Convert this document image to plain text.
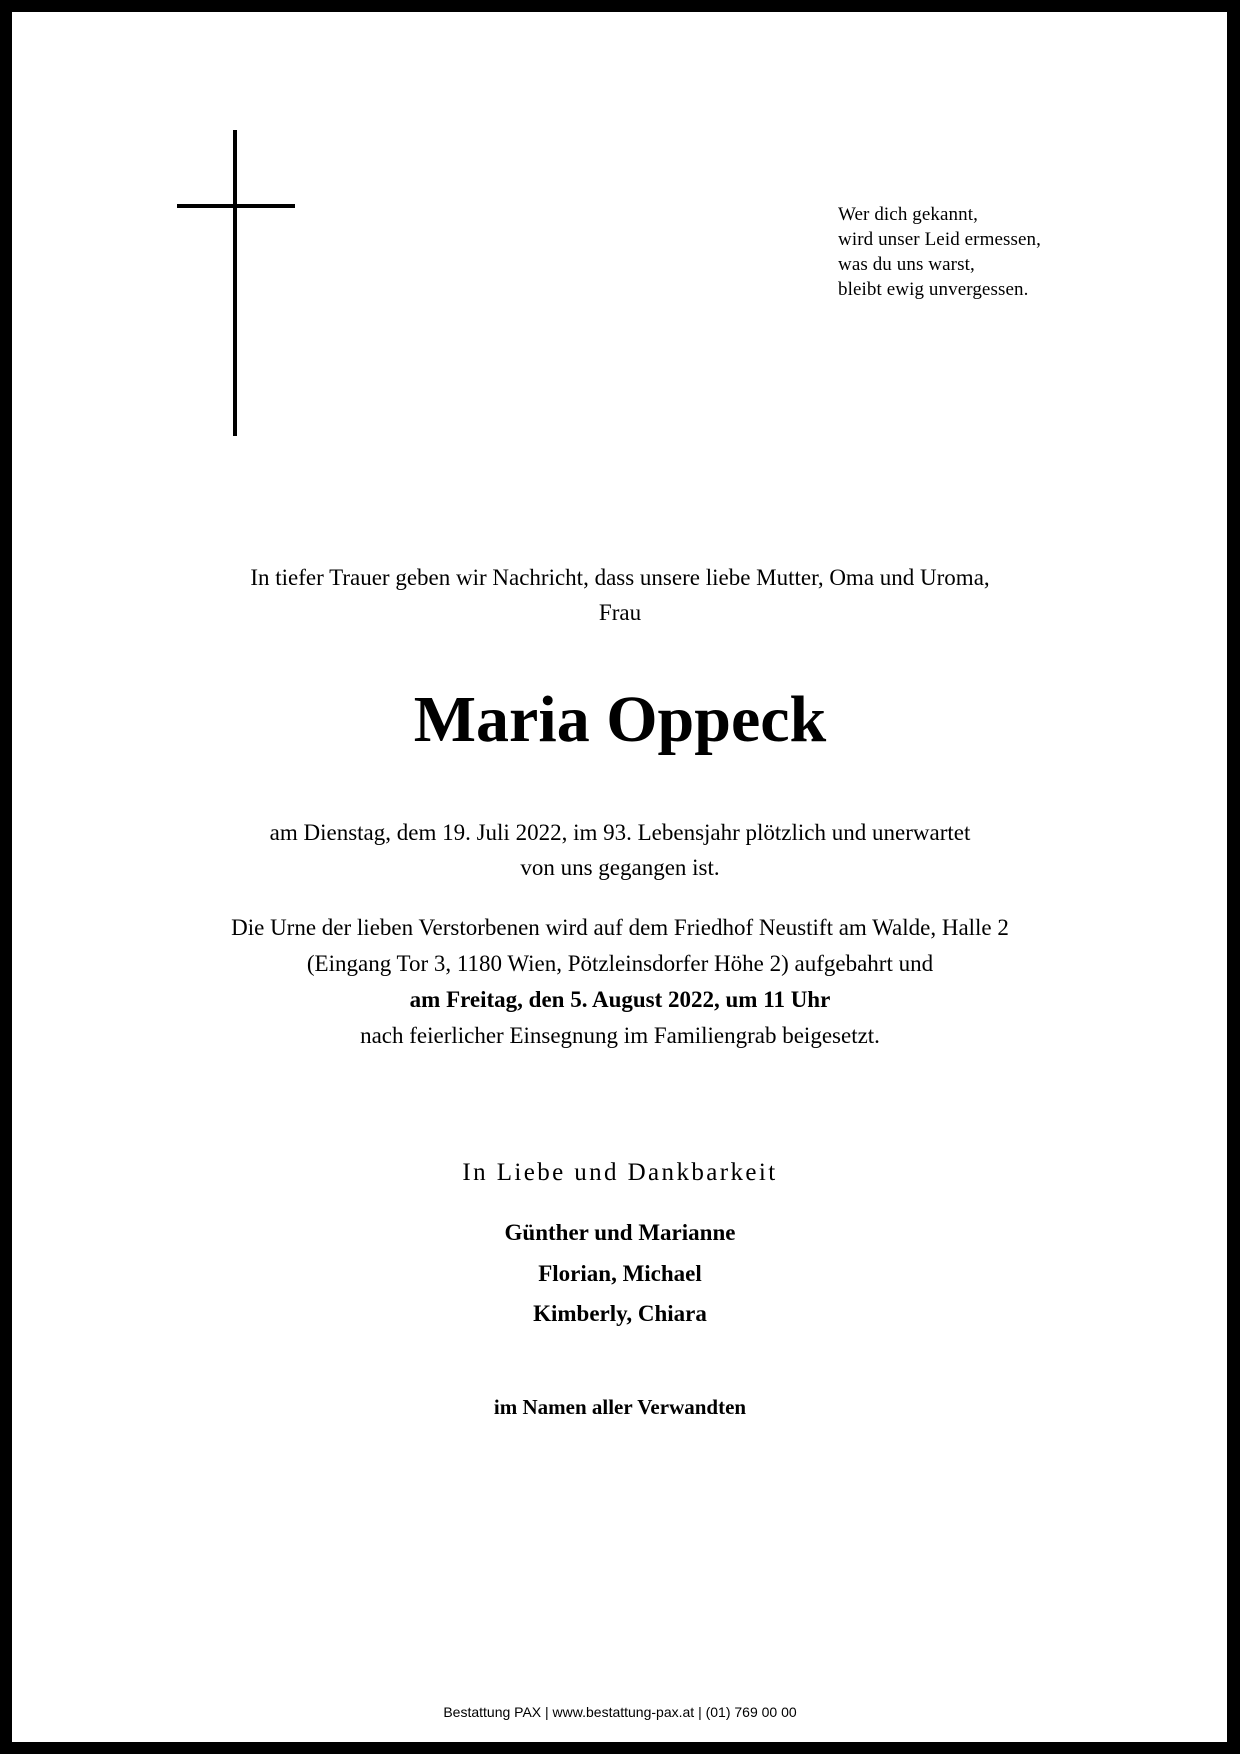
Wer dich gekannt,
wird unser Leid ermessen,
was du uns warst,
bleibt ewig unvergessen.
In tiefer Trauer geben wir Nachricht, dass unsere liebe Mutter, Oma und Uroma,
Frau
Maria Oppeck
am Dienstag, dem 19. Juli 2022, im 93. Lebensjahr plötzlich und unerwartet
von uns gegangen ist.
Die Urne der lieben Verstorbenen wird auf dem Friedhof Neustift am Walde, Halle 2
(Eingang Tor 3, 1180 Wien, Pötzleinsdorfer Höhe 2) aufgebahrt und
am Freitag, den 5. August 2022, um 11 Uhr
nach feierlicher Einsegnung im Familiengrab beigesetzt.
In Liebe und Dankbarkeit
Günther und Marianne
Florian, Michael
Kimberly, Chiara
im Namen aller Verwandten
Bestattung PAX | www.bestattung-pax.at | (01) 769 00 00
